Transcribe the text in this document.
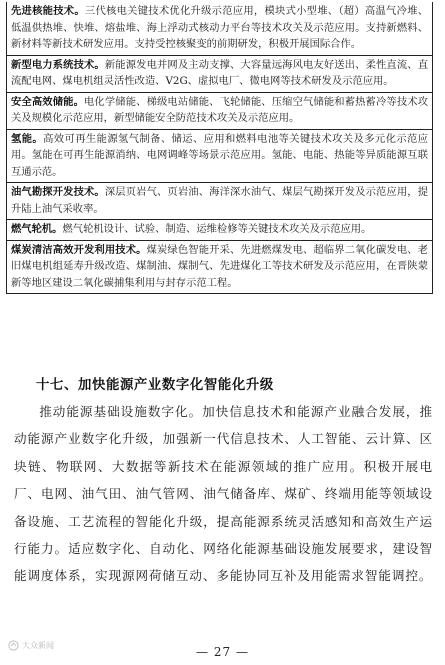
先进核能技术。三代核电关键技术优化升级示范应用，模块式小型堆、（超）高温气冷堆、低温供热堆、快堆、熔盐堆、海上浮动式核动力平台等技术攻关及示范应用。支持新燃料、新材料等新技术研发应用。支持受控核聚变的前期研发，积极开展国际合作。
新型电力系统技术。新能源发电并网及主动支撑、大容量远海风电友好送出、柔性直流、直流配电网、煤电机组灵活性改造、V2G、虚拟电厂、微电网等技术研发及示范应用。
安全高效储能。电化学储能、梯级电站储能、飞轮储能、压缩空气储能和蓄热蓄冷等技术攻关及规模化示范应用，新型储能安全防范技术攻关及示范应用。
氢能。高效可再生能源氢气制备、储运、应用和燃料电池等关键技术攻关及多元化示范应用。氢能在可再生能源消纳、电网调峰等场景示范应用。氢能、电能、热能等异质能源互联互通示范。
油气勘探开发技术。深层页岩气、页岩油、海洋深水油气、煤层气勘探开发及示范应用，提升陆上油气采收率。
燃气轮机。燃气轮机设计、试验、制造、运维检修等关键技术攻关及示范应用。
煤炭清洁高效开发利用技术。煤炭绿色智能开采、先进燃煤发电、超临界二氧化碳发电、老旧煤电机组延寿升级改造、煤制油、煤制气、先进煤化工等技术研发及示范应用，在晋陕蒙新等地区建设二氧化碳捕集利用与封存示范工程。
十七、加快能源产业数字化智能化升级
推动能源基础设施数字化。加快信息技术和能源产业融合发展，推动能源产业数字化升级，加强新一代信息技术、人工智能、云计算、区块链、物联网、大数据等新技术在能源领域的推广应用。积极开展电厂、电网、油气田、油气管网、油气储备库、煤矿、终端用能等领域设备设施、工艺流程的智能化升级，提高能源系统灵活感知和高效生产运行能力。适应数字化、自动化、网络化能源基础设施发展要求，建设智能调度体系，实现源网荷储互动、多能协同互补及用能需求智能调控。
大众新闻	— 27 —
